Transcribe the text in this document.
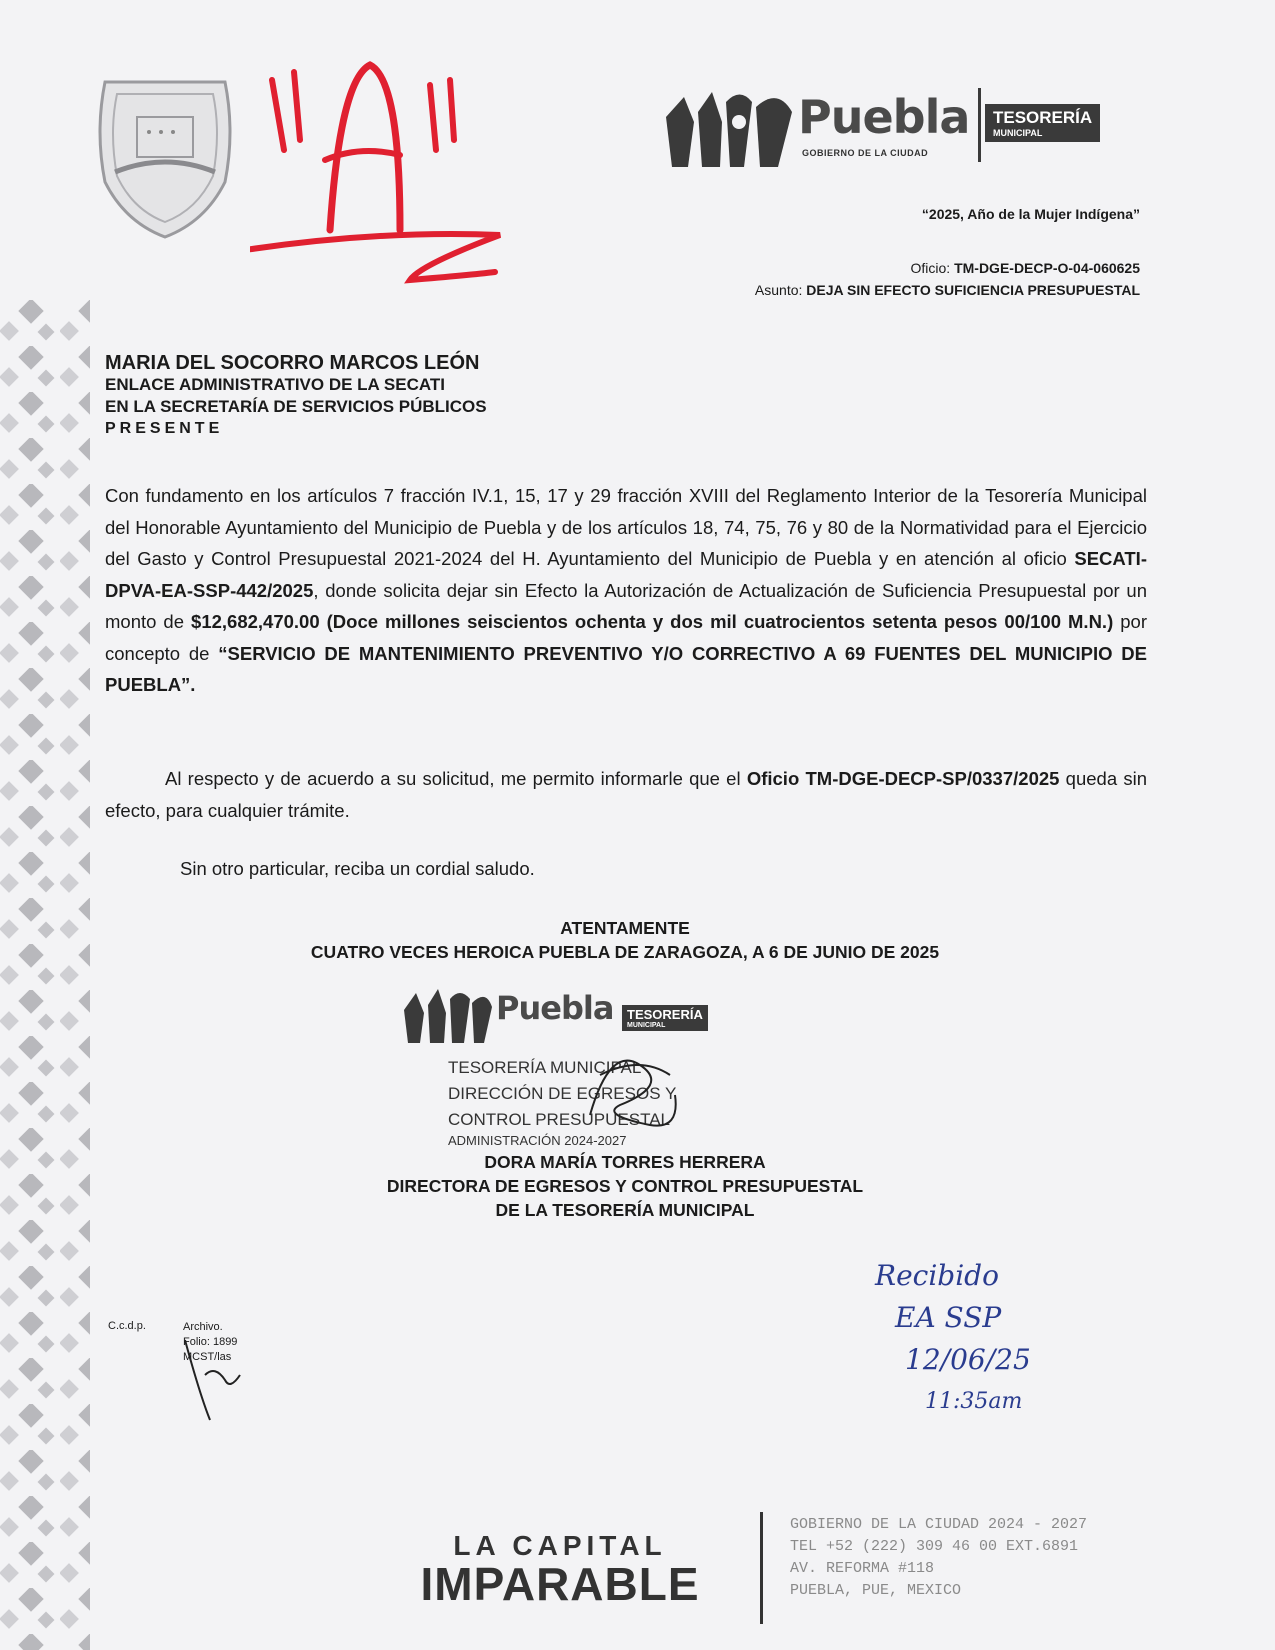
Puebla
GOBIERNO DE LA CIUDAD
TESORERÍA
MUNICIPAL
“2025, Año de la Mujer Indígena”
Oficio: TM-DGE-DECP-O-04-060625
Asunto: DEJA SIN EFECTO SUFICIENCIA PRESUPUESTAL
MARIA DEL SOCORRO MARCOS LEÓN
ENLACE ADMINISTRATIVO DE LA SECATI
EN LA SECRETARÍA DE SERVICIOS PÚBLICOS
PRESENTE
Con fundamento en los artículos 7 fracción IV.1, 15, 17 y 29 fracción XVIII del Reglamento Interior de la Tesorería Municipal del Honorable Ayuntamiento del Municipio de Puebla y de los artículos 18, 74, 75, 76 y 80 de la Normatividad para el Ejercicio del Gasto y Control Presupuestal 2021-2024 del H. Ayuntamiento del Municipio de Puebla y en atención al oficio SECATI-DPVA-EA-SSP-442/2025, donde solicita dejar sin Efecto la Autorización de Actualización de Suficiencia Presupuestal por un monto de $12,682,470.00 (Doce millones seiscientos ochenta y dos mil cuatrocientos setenta pesos 00/100 M.N.) por concepto de “SERVICIO DE MANTENIMIENTO PREVENTIVO Y/O CORRECTIVO A 69 FUENTES DEL MUNICIPIO DE PUEBLA”.
Al respecto y de acuerdo a su solicitud, me permito informarle que el Oficio TM-DGE-DECP-SP/0337/2025 queda sin efecto, para cualquier trámite.
Sin otro particular, reciba un cordial saludo.
ATENTAMENTE
CUATRO VECES HEROICA PUEBLA DE ZARAGOZA, A 6 DE JUNIO DE 2025
Puebla TESORERÍA
MUNICIPAL
TESORERÍA MUNICIPAL
DIRECCIÓN DE EGRESOS Y
CONTROL PRESUPUESTAL
ADMINISTRACIÓN 2024-2027
DORA MARÍA TORRES HERRERA
DIRECTORA DE EGRESOS Y CONTROL PRESUPUESTAL
DE LA TESORERÍA MUNICIPAL
C.c.d.p.	Archivo.
Folio: 1899
MCST/las
Recibido
EA SSP
12/06/25
11:35am
LA CAPITAL
IMPARABLE
GOBIERNO DE LA CIUDAD 2024 - 2027
TEL +52 (222) 309 46 00 EXT.6891
AV. REFORMA #118
PUEBLA, PUE, MEXICO
